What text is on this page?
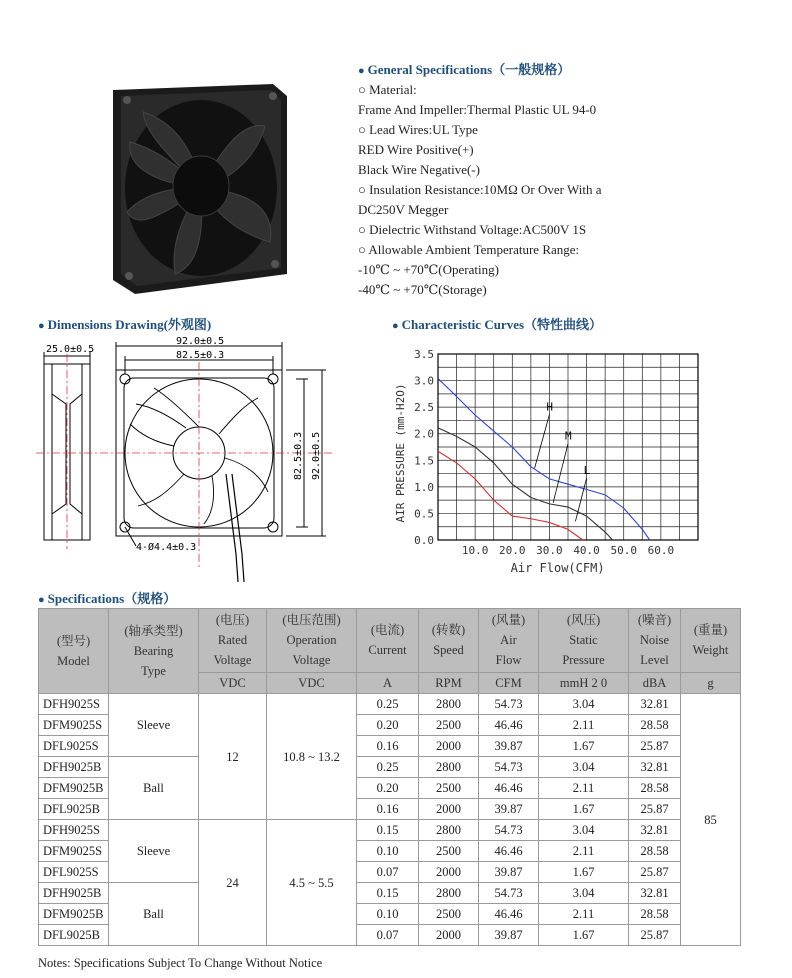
● General Specifications（一般规格）
○ Material:
Frame And Impeller:Thermal Plastic UL 94-0
○ Lead Wires:UL Type
RED Wire Positive(+)
Black Wire Negative(-)
○ Insulation Resistance:10MΩ Or Over With a
DC250V Megger
○ Dielectric Withstand Voltage:AC500V 1S
○ Allowable Ambient Temperature Range:
-10℃ ~ +70℃(Operating)
-40℃ ~ +70℃(Storage)
● Dimensions Drawing(外观图)	● Characteristic Curves（特性曲线）
25.0±0.5
92.0±0.5
82.5±0.3
4-Ø4.4±0.3
82.5±0.3 92.0±0.5
10.0 20.0 30.0 40.0 50.0 60.0
0.0
0.5
1.0
1.5
2.0
2.5
3.0
3.5
Air Flow(CFM)
AIR PRESSURE (mm-H2O)	H
M
L
● Specifications（规格）
(型号)
Model	(轴承类型)
Bearing
Type	(电压)
Rated
Voltage	(电压范围)
Operation
Voltage	(电流)
Current	(转数)
Speed	(风量)
Air
Flow	(风压)
Static
Pressure	(噪音)
Noise
Level	(重量)
Weight
		VDC	VDC	A	RPM	CFM	mmH 2 0	dBA	g
DFH9025S	Sleeve	12	10.8 ~ 13.2	0.25	2800	54.73	3.04	32.81	85
DFM9025S				0.20	2500	46.46	2.11	28.58	
DFL9025S				0.16	2000	39.87	1.67	25.87	
DFH9025B	Ball			0.25	2800	54.73	3.04	32.81	
DFM9025B				0.20	2500	46.46	2.11	28.58	
DFL9025B				0.16	2000	39.87	1.67	25.87	
DFH9025S	Sleeve	24	4.5 ~ 5.5	0.15	2800	54.73	3.04	32.81	
DFM9025S				0.10	2500	46.46	2.11	28.58	
DFL9025S				0.07	2000	39.87	1.67	25.87	
DFH9025B	Ball			0.15	2800	54.73	3.04	32.81	
DFM9025B				0.10	2500	46.46	2.11	28.58	
DFL9025B				0.07	2000	39.87	1.67	25.87	
Notes: Specifications Subject To Change Without Notice
